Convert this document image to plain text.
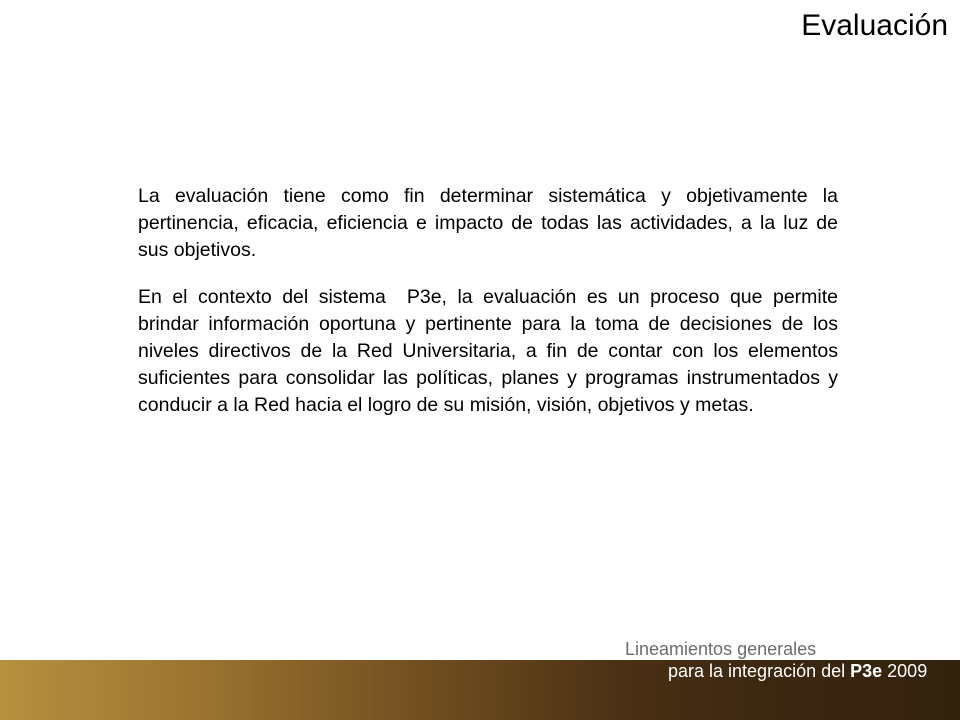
Evaluación

La evaluación tiene como fin determinar sistemática y objetivamente la pertinencia, eficacia, eficiencia e impacto de todas las actividades, a la luz de sus objetivos.

En el contexto del sistema  P3e, la evaluación es un proceso que permite brindar información oportuna y pertinente para la toma de decisiones de los niveles directivos de la Red Universitaria, a fin de contar con los elementos suficientes para consolidar las políticas, planes y programas instrumentados y conducir a la Red hacia el logro de su misión, visión, objetivos y metas.

Lineamientos generales
para la integración del P3e 2009
